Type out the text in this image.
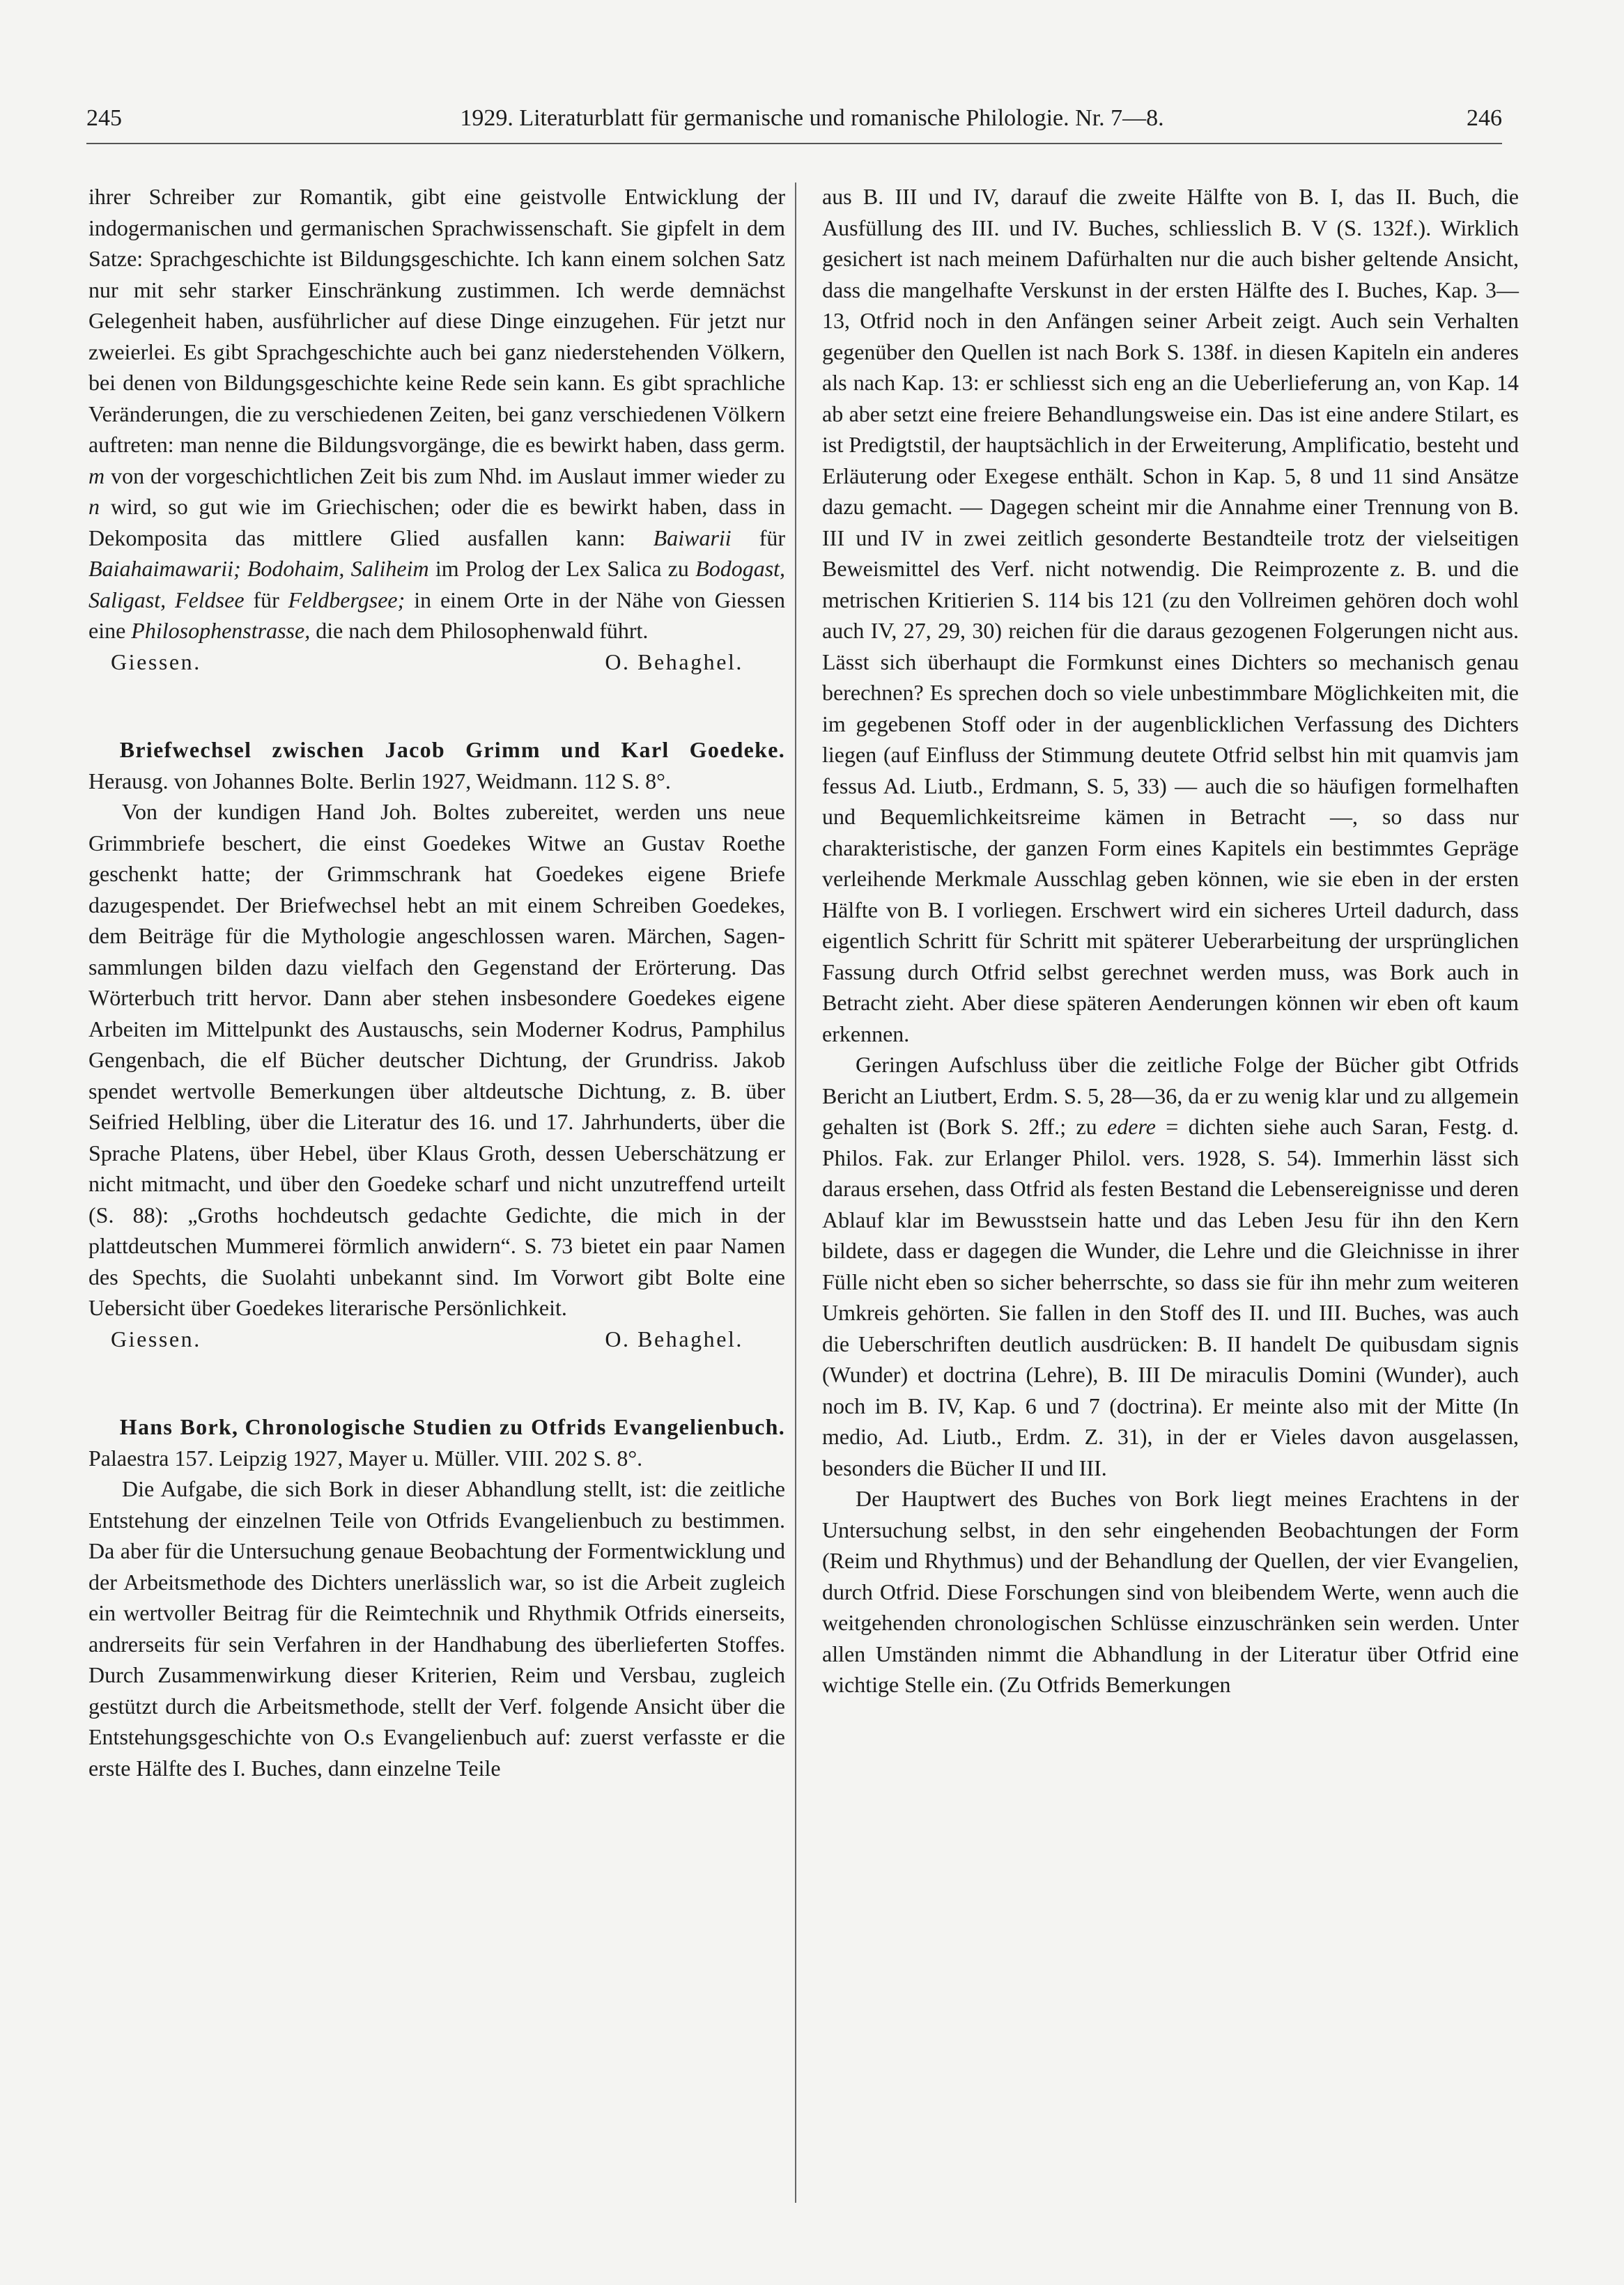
245	1929. Literaturblatt für germanische und romanische Philologie. Nr. 7—8.	246

ihrer Schreiber zur Romantik, gibt eine geistvolle Entwicklung der indogermanischen und germanischen Sprachwissenschaft. Sie gipfelt in dem Satze: Sprachgeschichte ist Bildungsgeschichte. Ich kann einem solchen Satz nur mit sehr starker Einschränkung zustimmen. Ich werde demnächst Gelegenheit haben, ausführlicher auf diese Dinge einzugehen. Für jetzt nur zweierlei. Es gibt Sprachgeschichte auch bei ganz niederstehenden Völkern, bei denen von Bildungsgeschichte keine Rede sein kann. Es gibt sprachliche Veränderungen, die zu verschiedenen Zeiten, bei ganz verschiedenen Völkern auftreten: man nenne die Bildungsvorgänge, die es bewirkt haben, dass germ. m von der vorgeschichtlichen Zeit bis zum Nhd. im Auslaut immer wieder zu n wird, so gut wie im Griechischen; oder die es bewirkt haben, dass in Dekomposita das mittlere Glied ausfallen kann: Baiwarii für Baiahaimawarii; Bodohaim, Saliheim im Prolog der Lex Salica zu Bodogast, Saligast, Feldsee für Feldbergsee; in einem Orte in der Nähe von Giessen eine Philosophenstrasse, die nach dem Philosophenwald führt.

Giessen.	O. Behaghel.

Briefwechsel zwischen Jacob Grimm und Karl Goedeke. Herausg. von Johannes Bolte. Berlin 1927, Weidmann. 112 S. 8°.

Von der kundigen Hand Joh. Boltes zubereitet, werden uns neue Grimmbriefe beschert, die einst Goedekes Witwe an Gustav Roethe geschenkt hatte; der Grimmschrank hat Goedekes eigene Briefe dazugespendet. Der Briefwechsel hebt an mit einem Schreiben Goedekes, dem Beiträge für die Mythologie angeschlossen waren. Märchen, Sagensammlungen bilden dazu vielfach den Gegenstand der Erörterung. Das Wörterbuch tritt hervor. Dann aber stehen insbesondere Goedekes eigene Arbeiten im Mittelpunkt des Austauschs, sein Moderner Kodrus, Pamphilus Gengenbach, die elf Bücher deutscher Dichtung, der Grundriss. Jakob spendet wertvolle Bemerkungen über altdeutsche Dichtung, z. B. über Seifried Helbling, über die Literatur des 16. und 17. Jahrhunderts, über die Sprache Platens, über Hebel, über Klaus Groth, dessen Ueberschätzung er nicht mitmacht, und über den Goedeke scharf und nicht unzutreffend urteilt (S. 88): „Groths hochdeutsch gedachte Gedichte, die mich in der plattdeutschen Mummerei förmlich anwidern“. S. 73 bietet ein paar Namen des Spechts, die Suolahti unbekannt sind. Im Vorwort gibt Bolte eine Uebersicht über Goedekes literarische Persönlichkeit.

Giessen.	O. Behaghel.

Hans Bork, Chronologische Studien zu Otfrids Evangelienbuch. Palaestra 157. Leipzig 1927, Mayer u. Müller. VIII. 202 S. 8°.

Die Aufgabe, die sich Bork in dieser Abhandlung stellt, ist: die zeitliche Entstehung der einzelnen Teile von Otfrids Evangelienbuch zu bestimmen. Da aber für die Untersuchung genaue Beobachtung der Formentwicklung und der Arbeitsmethode des Dichters unerlässlich war, so ist die Arbeit zugleich ein wertvoller Beitrag für die Reimtechnik und Rhythmik Otfrids einerseits, andrerseits für sein Verfahren in der Handhabung des überlieferten Stoffes. Durch Zusammenwirkung dieser Kriterien, Reim und Versbau, zugleich gestützt durch die Arbeitsmethode, stellt der Verf. folgende Ansicht über die Entstehungsgeschichte von O.s Evangelienbuch auf: zuerst verfasste er die erste Hälfte des I. Buches, dann einzelne Teile

aus B. III und IV, darauf die zweite Hälfte von B. I, das II. Buch, die Ausfüllung des III. und IV. Buches, schliesslich B. V (S. 132f.). Wirklich gesichert ist nach meinem Dafürhalten nur die auch bisher geltende Ansicht, dass die mangelhafte Verskunst in der ersten Hälfte des I. Buches, Kap. 3—13, Otfrid noch in den Anfängen seiner Arbeit zeigt. Auch sein Verhalten gegenüber den Quellen ist nach Bork S. 138f. in diesen Kapiteln ein anderes als nach Kap. 13: er schliesst sich eng an die Ueberlieferung an, von Kap. 14 ab aber setzt eine freiere Behandlungsweise ein. Das ist eine andere Stilart, es ist Predigtstil, der hauptsächlich in der Erweiterung, Amplificatio, besteht und Erläuterung oder Exegese enthält. Schon in Kap. 5, 8 und 11 sind Ansätze dazu gemacht. — Dagegen scheint mir die Annahme einer Trennung von B. III und IV in zwei zeitlich gesonderte Bestandteile trotz der vielseitigen Beweismittel des Verf. nicht notwendig. Die Reimprozente z. B. und die metrischen Kritierien S. 114 bis 121 (zu den Vollreimen gehören doch wohl auch IV, 27, 29, 30) reichen für die daraus gezogenen Folgerungen nicht aus. Lässt sich überhaupt die Formkunst eines Dichters so mechanisch genau berechnen? Es sprechen doch so viele unbestimmbare Möglichkeiten mit, die im gegebenen Stoff oder in der augenblicklichen Verfassung des Dichters liegen (auf Einfluss der Stimmung deutete Otfrid selbst hin mit quamvis jam fessus Ad. Liutb., Erdmann, S. 5, 33) — auch die so häufigen formelhaften und Bequemlichkeitsreime kämen in Betracht —, so dass nur charakteristische, der ganzen Form eines Kapitels ein bestimmtes Gepräge verleihende Merkmale Ausschlag geben können, wie sie eben in der ersten Hälfte von B. I vorliegen. Erschwert wird ein sicheres Urteil dadurch, dass eigentlich Schritt für Schritt mit späterer Ueberarbeitung der ursprünglichen Fassung durch Otfrid selbst gerechnet werden muss, was Bork auch in Betracht zieht. Aber diese späteren Aenderungen können wir eben oft kaum erkennen.

Geringen Aufschluss über die zeitliche Folge der Bücher gibt Otfrids Bericht an Liutbert, Erdm. S. 5, 28—36, da er zu wenig klar und zu allgemein gehalten ist (Bork S. 2ff.; zu edere = dichten siehe auch Saran, Festg. d. Philos. Fak. zur Erlanger Philol. vers. 1928, S. 54). Immerhin lässt sich daraus ersehen, dass Otfrid als festen Bestand die Lebensereignisse und deren Ablauf klar im Bewusstsein hatte und das Leben Jesu für ihn den Kern bildete, dass er dagegen die Wunder, die Lehre und die Gleichnisse in ihrer Fülle nicht eben so sicher beherrschte, so dass sie für ihn mehr zum weiteren Umkreis gehörten. Sie fallen in den Stoff des II. und III. Buches, was auch die Ueberschriften deutlich ausdrücken: B. II handelt De quibusdam signis (Wunder) et doctrina (Lehre), B. III De miraculis Domini (Wunder), auch noch im B. IV, Kap. 6 und 7 (doctrina). Er meinte also mit der Mitte (In medio, Ad. Liutb., Erdm. Z. 31), in der er Vieles davon ausgelassen, besonders die Bücher II und III.

Der Hauptwert des Buches von Bork liegt meines Erachtens in der Untersuchung selbst, in den sehr eingehenden Beobachtungen der Form (Reim und Rhythmus) und der Behandlung der Quellen, der vier Evangelien, durch Otfrid. Diese Forschungen sind von bleibendem Werte, wenn auch die weitgehenden chronologischen Schlüsse einzuschränken sein werden. Unter allen Umständen nimmt die Abhandlung in der Literatur über Otfrid eine wichtige Stelle ein. (Zu Otfrids Bemerkungen
